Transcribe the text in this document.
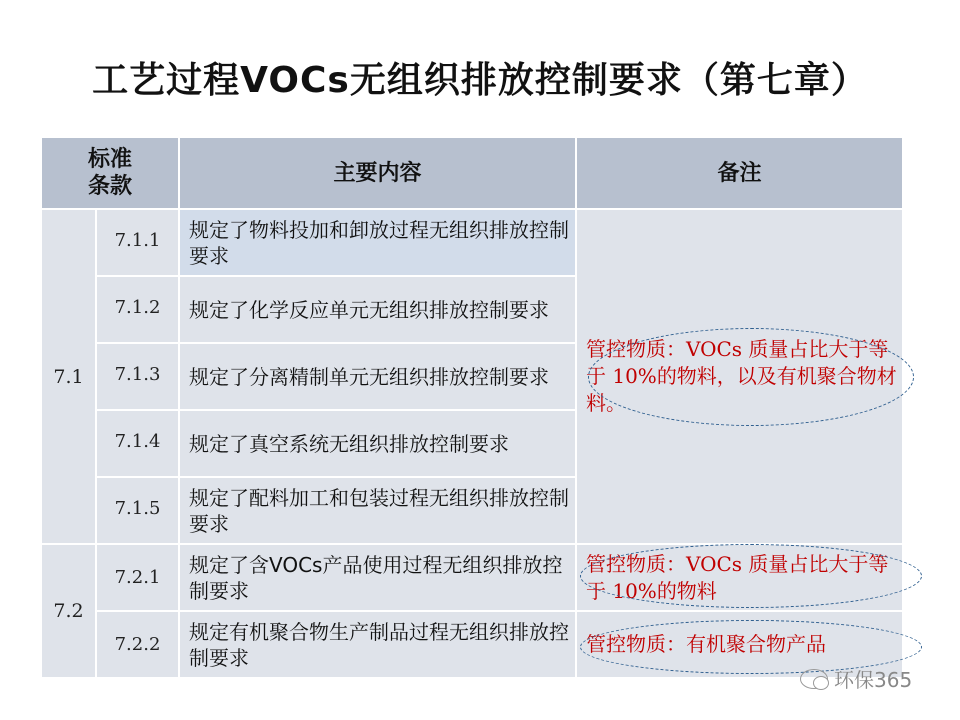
工艺过程VOCs无组织排放控制要求（第七章）
标准条款		主要内容	备注
7.1	7.1.1	规定了物料投加和卸放过程无组织排放控制要求	管控物质：VOCs 质量占比大于等于 10%的物料，以及有机聚合物材料。
	7.1.2	规定了化学反应单元无组织排放控制要求	
	7.1.3	规定了分离精制单元无组织排放控制要求	
	7.1.4	规定了真空系统无组织排放控制要求	
	7.1.5	规定了配料加工和包装过程无组织排放控制要求	
7.2	7.2.1	规定了含VOCs产品使用过程无组织排放控制要求	管控物质：VOCs 质量占比大于等于 10%的物料
	7.2.2	规定有机聚合物生产制品过程无组织排放控制要求	管控物质：有机聚合物产品
环保365
